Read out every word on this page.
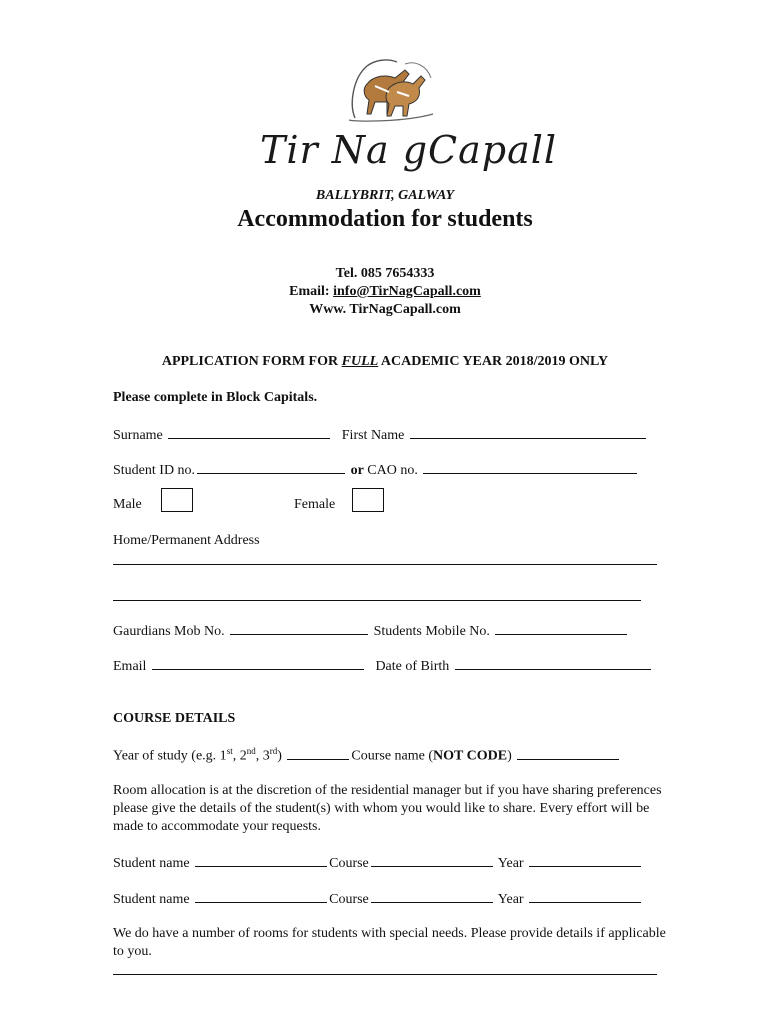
Tir Na gCapall
BALLYBRIT, GALWAY
Accommodation for students
Tel. 085 7654333
Email: info@TirNagCapall.com
Www. TirNagCapall.com
APPLICATION FORM FOR FULL ACADEMIC YEAR 2018/2019 ONLY
Please complete in Block Capitals.
Surname	First Name
Student ID no.	or CAO no.
Male	Female
Home/Permanent Address
Gaurdians Mob No.	Students Mobile No.
Email	Date of Birth
COURSE DETAILS
Year of study (e.g. 1st, 2nd, 3rd)	Course name (NOT CODE)
Room allocation is at the discretion of the residential manager but if you have sharing preferences please give the details of the student(s) with whom you would like to share. Every effort will be made to accommodate your requests.
Student name	Course	Year
Student name	Course	Year
We do have a number of rooms for students with special needs. Please provide details if applicable to you.
